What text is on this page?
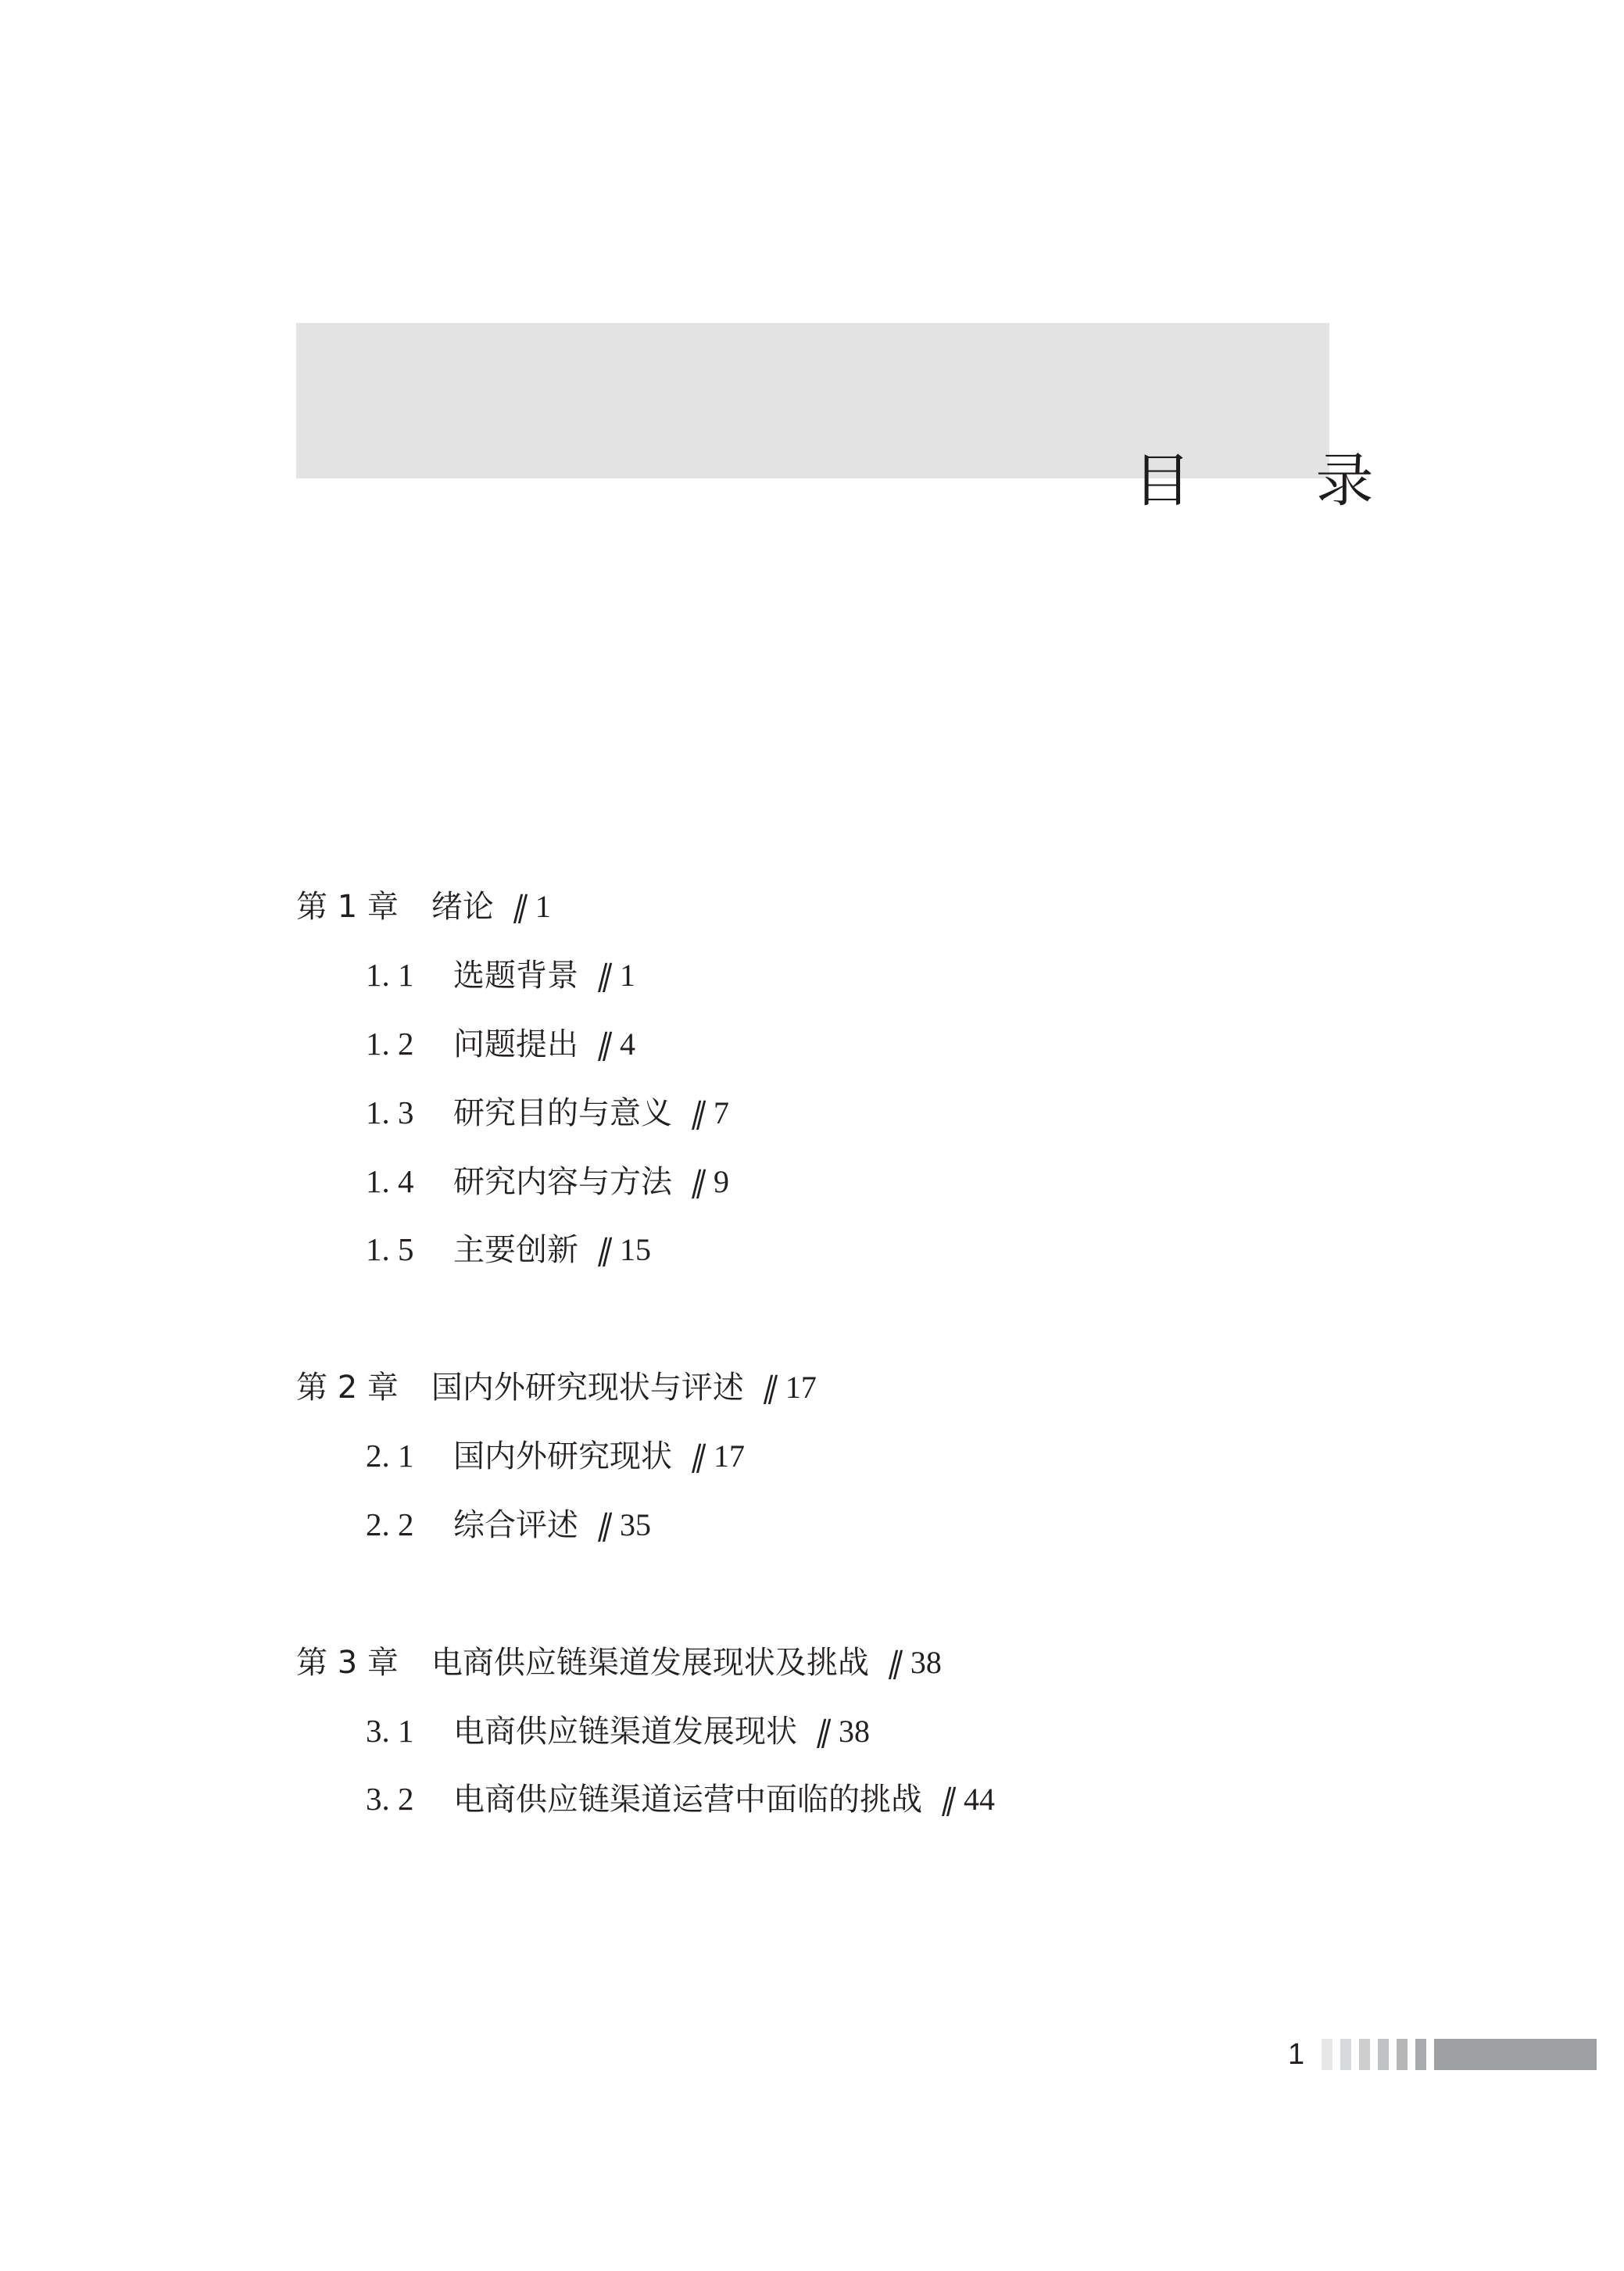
目 录
第 1 章 绪论 ∥ 1
1. 1	选题背景 ∥ 1
1. 2	问题提出 ∥ 4
1. 3	研究目的与意义 ∥ 7
1. 4	研究内容与方法 ∥ 9
1. 5	主要创新 ∥ 15
第 2 章 国内外研究现状与评述 ∥ 17
2. 1	国内外研究现状 ∥ 17
2. 2	综合评述 ∥ 35
第 3 章 电商供应链渠道发展现状及挑战 ∥ 38
3. 1	电商供应链渠道发展现状 ∥ 38
3. 2	电商供应链渠道运营中面临的挑战 ∥ 44
1
